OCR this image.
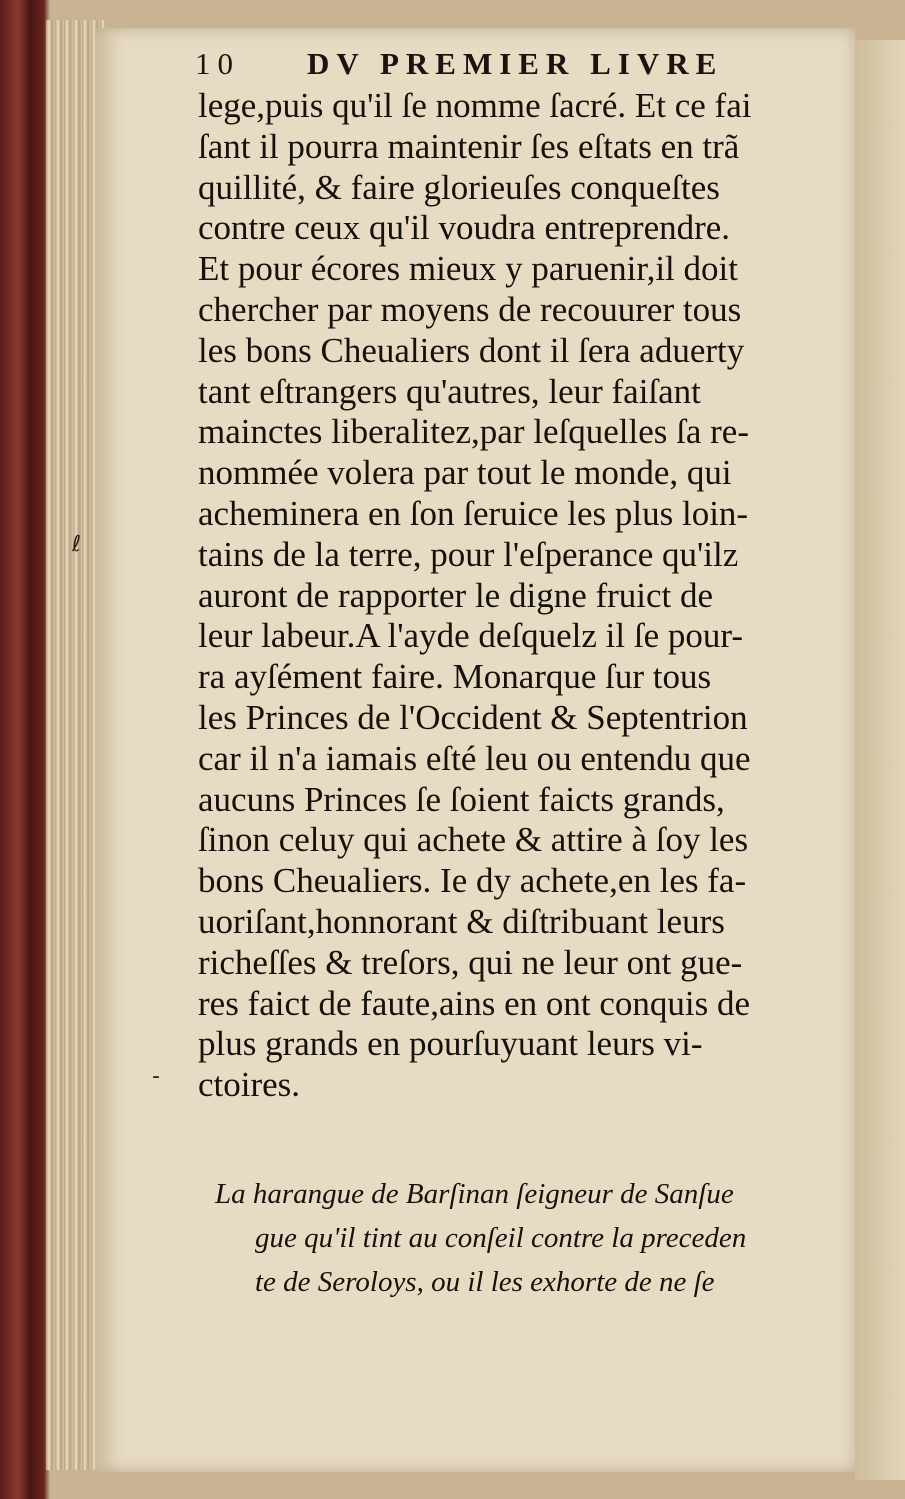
10 DV PREMIER LIVRE
lege,puis qu'il ſe nomme ſacré. Et ce fai
ſant il pourra maintenir ſes eſtats en trã
quillité, & faire glorieuſes conqueſtes
contre ceux qu'il voudra entreprendre.
Et pour écores mieux y paruenir,il doit
chercher par moyens de recouurer tous
les bons Cheualiers dont il ſera aduerty
tant eſtrangers qu'autres, leur faiſant
mainctes liberalitez,par leſquelles ſa re-
nommée volera par tout le monde, qui
acheminera en ſon ſeruice les plus loin-
tains de la terre, pour l'eſperance qu'ilz
auront de rapporter le digne fruict de
leur labeur.A l'ayde deſquelz il ſe pour-
ra ayſément faire. Monarque ſur tous
les Princes de l'Occident & Septentrion
car il n'a iamais eſté leu ou entendu que
aucuns Princes ſe ſoient faicts grands,
ſinon celuy qui achete & attire à ſoy les
bons Cheualiers. Ie dy achete,en les fa-
uoriſant,honnorant & diſtribuant leurs
richeſſes & treſors, qui ne leur ont gue-
res faict de faute,ains en ont conquis de
plus grands en pourſuyuant leurs vi-
ctoires.
La harangue de Barſinan ſeigneur de Sanſue
gue qu'il tint au conſeil contre la preceden
te de Seroloys, ou il les exhorte de ne ſe
ℓ
-
